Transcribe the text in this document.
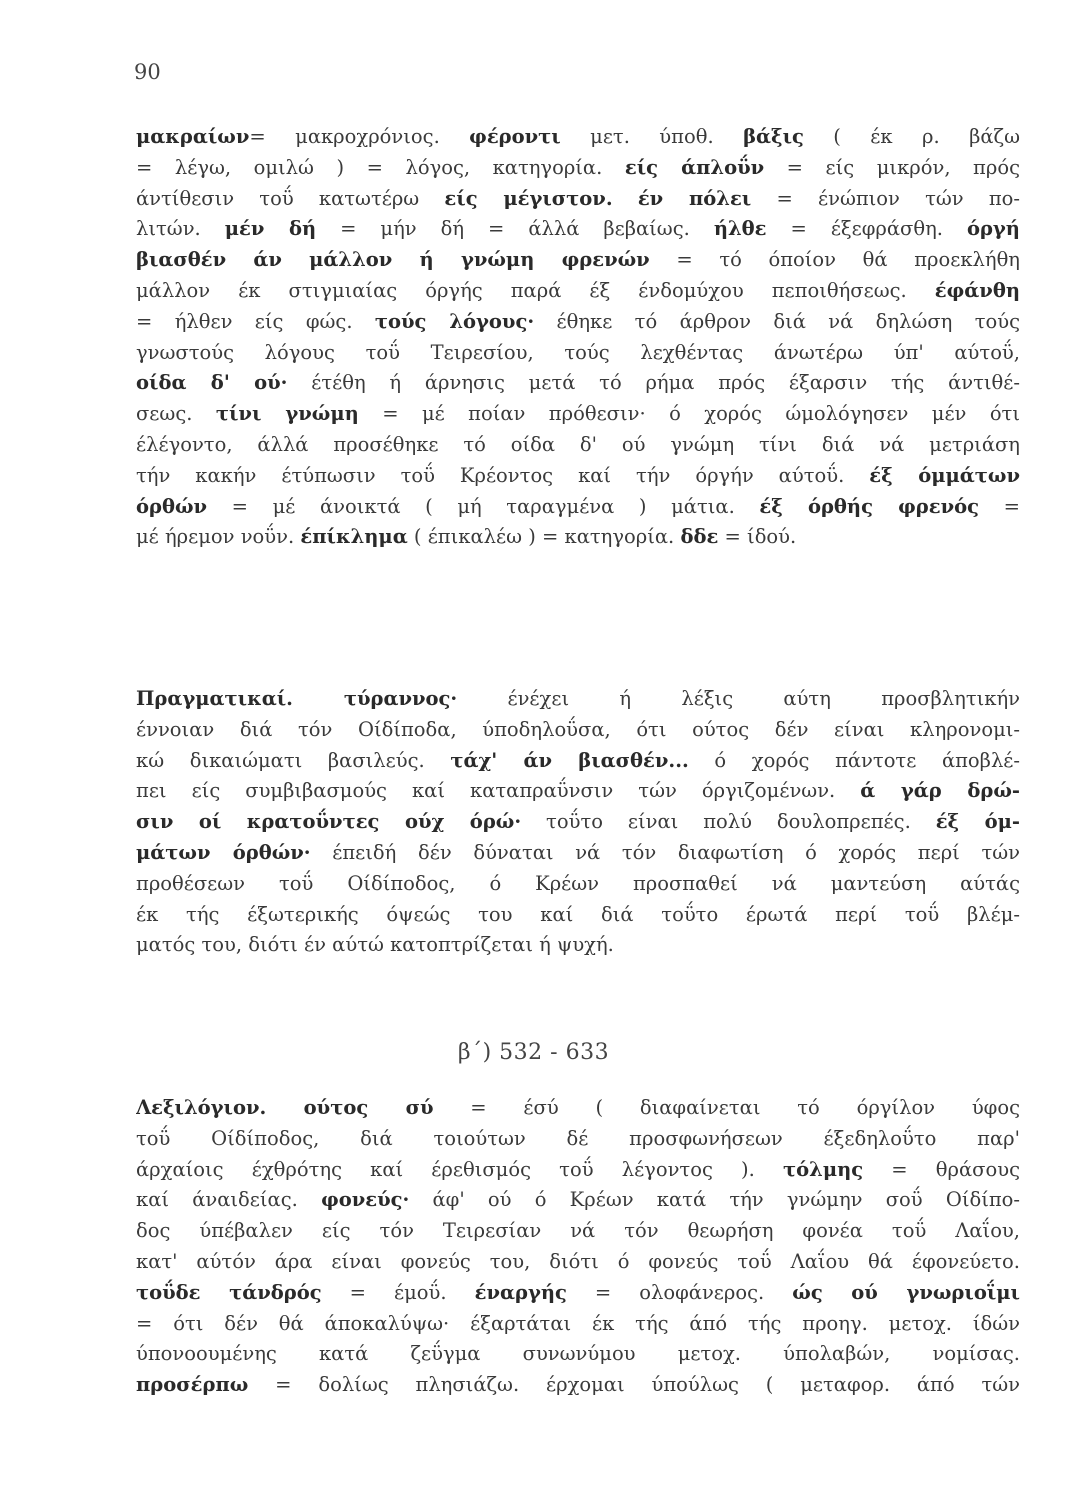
90
μακραίων= μακροχρόνιος. φέροντι μετ. ύποθ. βάξις ( έκ ρ. βάζω
= λέγω, ομιλώ ) = λόγος, κατηγορία. είς άπλοΰν = είς μικρόν, πρός
άντίθεσιν τοΰ κατωτέρω είς μέγιστον. έν πόλει = ένώπιον τών πο-
λιτών. μέν δή = μήν δή = άλλά βεβαίως. ήλθε = έξεφράσθη. όργή
βιασθέν άν μάλλον ή γνώμη φρενών = τό όποίον θά προεκλήθη
μάλλον έκ στιγμιαίας όργής παρά έξ ένδομύχου πεποιθήσεως. έφάνθη
= ήλθεν είς φώς. τούς λόγους· έθηκε τό άρθρον διά νά δηλώση τούς
γνωστούς λόγους τοΰ Τειρεσίου, τούς λεχθέντας άνωτέρω ύπ' αύτοΰ,
οίδα δ' ού· έτέθη ή άρνησις μετά τό ρήμα πρός έξαρσιν τής άντιθέ-
σεως. τίνι γνώμη = μέ ποίαν πρόθεσιν· ό χορός ώμολόγησεν μέν ότι
έλέγοντο, άλλά προσέθηκε τό οίδα δ' ού γνώμη τίνι διά νά μετριάση
τήν κακήν έτύπωσιν τοΰ Κρέοντος καί τήν όργήν αύτοΰ. έξ όμμάτων
όρθών = μέ άνοικτά ( μή ταραγμένα ) μάτια. έξ όρθής φρενός =
μέ ήρεμον νοΰν. έπίκλημα ( έπικαλέω ) = κατηγορία. δδε = ίδού.
Πραγματικαί. τύραννος· ένέχει ή λέξις αύτη προσβλητικήν
έννοιαν διά τόν Οίδίποδα, ύποδηλοΰσα, ότι ούτος δέν είναι κληρονομι-
κώ δικαιώματι βασιλεύς. τάχ' άν βιασθέν... ό χορός πάντοτε άποβλέ-
πει είς συμβιβασμούς καί καταπραΰνσιν τών όργιζομένων. ά γάρ δρώ-
σιν οί κρατοΰντες ούχ όρώ· τοΰτο είναι πολύ δουλοπρεπές. έξ όμ-
μάτων όρθών· έπειδή δέν δύναται νά τόν διαφωτίση ό χορός περί τών
προθέσεων τοΰ Οίδίποδος, ό Κρέων προσπαθεί νά μαντεύση αύτάς
έκ τής έξωτερικής όψεώς του καί διά τοΰτο έρωτά περί τοΰ βλέμ-
ματός του, διότι έν αύτώ κατοπτρίζεται ή ψυχή.
β΄) 532 - 633
Λεξιλόγιον. ούτος σύ = έσύ ( διαφαίνεται τό όργίλον ύφος
τοΰ Οίδίποδος, διά τοιούτων δέ προσφωνήσεων έξεδηλοΰτο παρ'
άρχαίοις έχθρότης καί έρεθισμός τοΰ λέγοντος ). τόλμης = θράσους
καί άναιδείας. φονεύς· άφ' ού ό Κρέων κατά τήν γνώμην σοΰ Οίδίπο-
δος ύπέβαλεν είς τόν Τειρεσίαν νά τόν θεωρήση φονέα τοΰ Λαΐου,
κατ' αύτόν άρα είναι φονεύς του, διότι ό φονεύς τοΰ Λαΐου θά έφονεύετο.
τοΰδε τάνδρός = έμοΰ. έναργής = ολοφάνερος. ώς ού γνωριοΐμι
= ότι δέν θά άποκαλύψω· έξαρτάται έκ τής άπό τής προηγ. μετοχ. ίδών
ύπονοουμένης κατά ζεΰγμα συνωνύμου μετοχ. ύπολαβών, νομίσας.
προσέρπω = δολίως πλησιάζω. έρχομαι ύπούλως ( μεταφορ. άπό τών
